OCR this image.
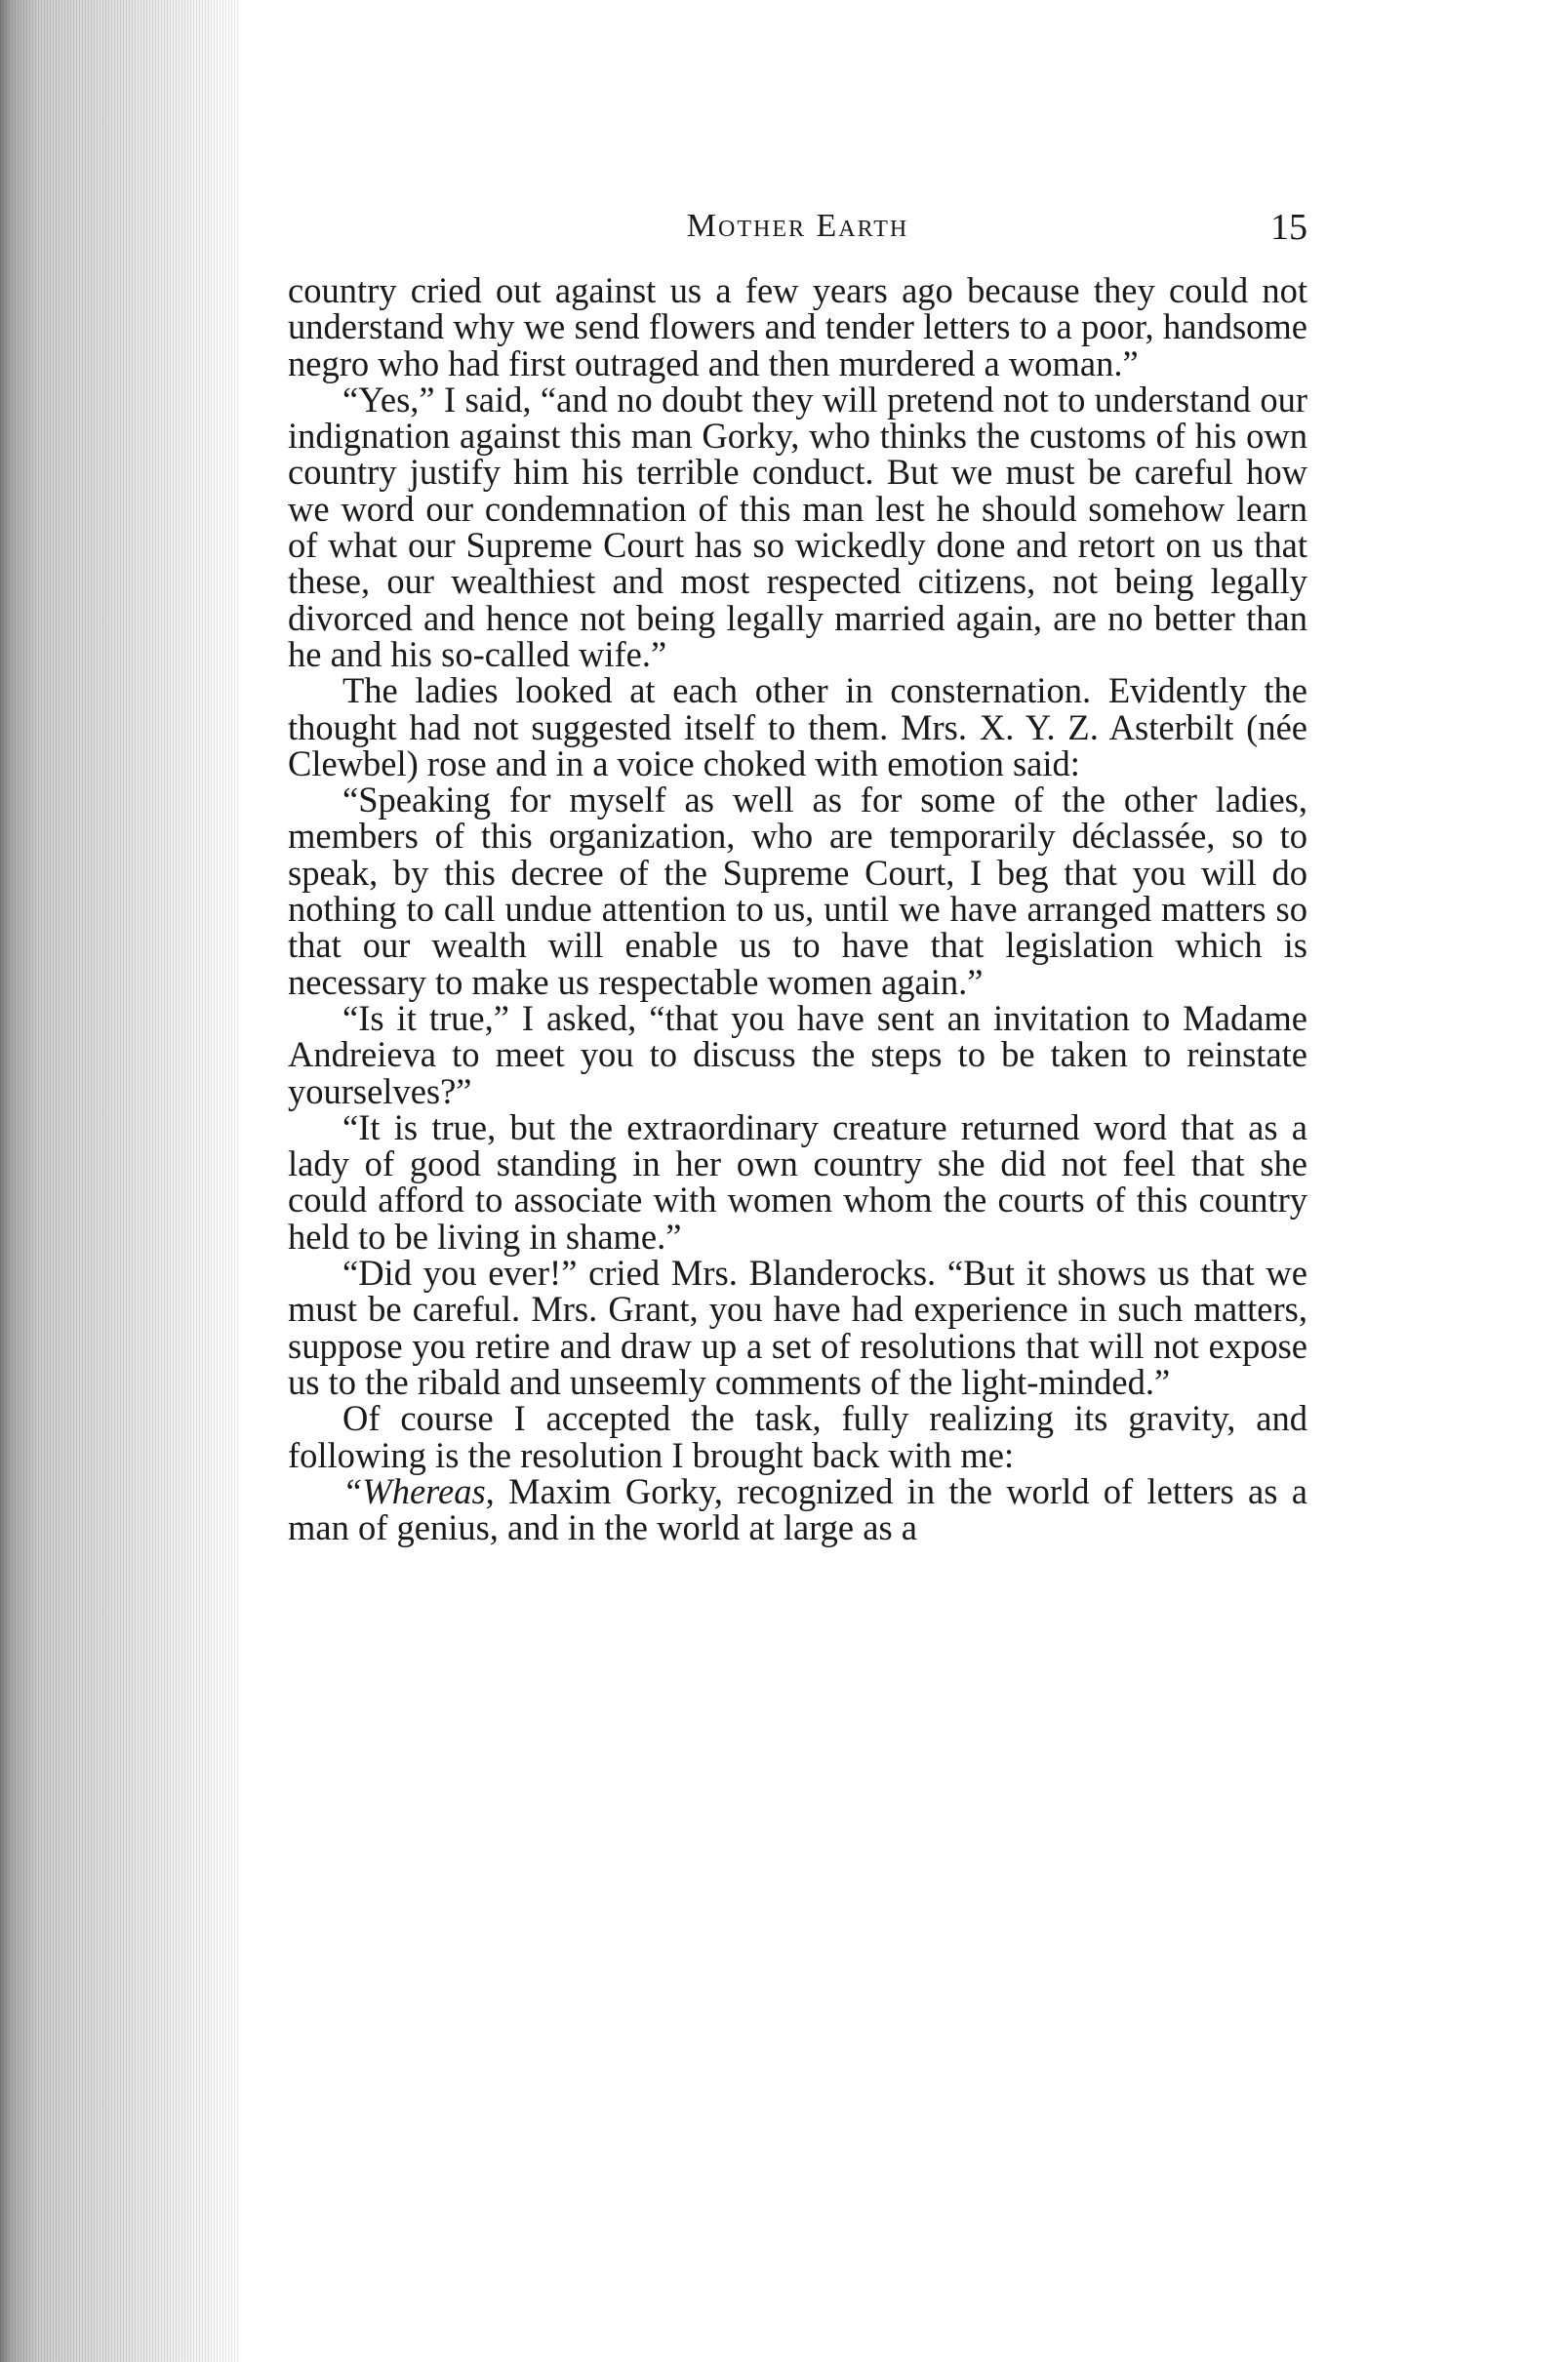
Mother Earth	15

country cried out against us a few years ago because they could not understand why we send flowers and tender letters to a poor, handsome negro who had first outraged and then murdered a woman.”

“Yes,” I said, “and no doubt they will pretend not to understand our indignation against this man Gorky, who thinks the customs of his own country justify him his terrible conduct. But we must be careful how we word our condemnation of this man lest he should somehow learn of what our Supreme Court has so wickedly done and retort on us that these, our wealthiest and most respected citizens, not being legally divorced and hence not being legally married again, are no better than he and his so-called wife.”

The ladies looked at each other in consternation. Evidently the thought had not suggested itself to them. Mrs. X. Y. Z. Asterbilt (née Clewbel) rose and in a voice choked with emotion said:

“Speaking for myself as well as for some of the other ladies, members of this organization, who are temporarily déclassée, so to speak, by this decree of the Supreme Court, I beg that you will do nothing to call undue attention to us, until we have arranged matters so that our wealth will enable us to have that legislation which is necessary to make us respectable women again.”

“Is it true,” I asked, “that you have sent an invitation to Madame Andreieva to meet you to discuss the steps to be taken to reinstate yourselves?”

“It is true, but the extraordinary creature returned word that as a lady of good standing in her own country she did not feel that she could afford to associate with women whom the courts of this country held to be living in shame.”

“Did you ever!” cried Mrs. Blanderocks. “But it shows us that we must be careful. Mrs. Grant, you have had experience in such matters, suppose you retire and draw up a set of resolutions that will not expose us to the ribald and unseemly comments of the light-minded.”

Of course I accepted the task, fully realizing its gravity, and following is the resolution I brought back with me:

“Whereas, Maxim Gorky, recognized in the world of letters as a man of genius, and in the world at large as a
